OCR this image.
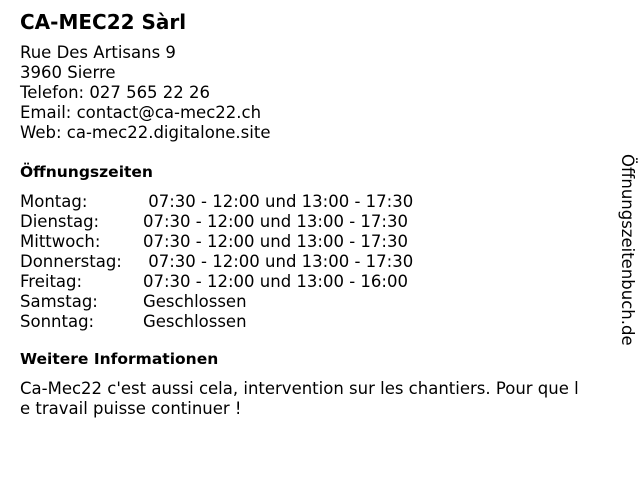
CA-MEC22 Sàrl
Rue Des Artisans 9
3960 Sierre
Telefon: 027 565 22 26
Email: contact@ca-mec22.ch
Web: ca-mec22.digitalone.site
Öffnungszeiten
Montag:	07:30 - 12:00 und 13:00 - 17:30
Dienstag:	07:30 - 12:00 und 13:00 - 17:30
Mittwoch:	07:30 - 12:00 und 13:00 - 17:30
Donnerstag:	07:30 - 12:00 und 13:00 - 17:30
Freitag:	07:30 - 12:00 und 13:00 - 16:00
Samstag:	Geschlossen
Sonntag:	Geschlossen
Weitere Informationen
Ca-Mec22 c'est aussi cela, intervention sur les chantiers. Pour que le travail puisse continuer !
Öffnungszeitenbuch.de
